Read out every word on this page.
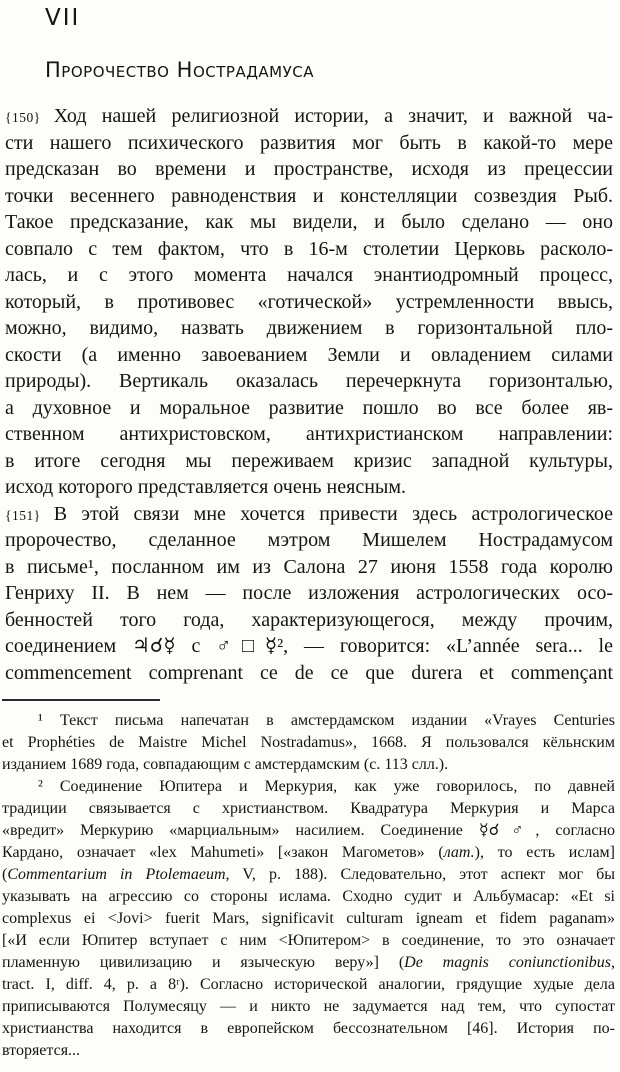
VII
Пророчество Нострадамуса
{150} Ход нашей религиозной истории, а значит, и важной ча-
сти нашего психического развития мог быть в какой-то мере
предсказан во времени и пространстве, исходя из прецессии
точки весеннего равноденствия и констелляции созвездия Рыб.
Такое предсказание, как мы видели, и было сделано — оно
совпало с тем фактом, что в 16-м столетии Церковь расколо-
лась, и с этого момента начался энантиодромный процесс,
который, в противовес «готической» устремленности ввысь,
можно, видимо, назвать движением в горизонтальной пло-
скости (а именно завоеванием Земли и овладением силами
природы). Вертикаль оказалась перечеркнута горизонталью,
а духовное и моральное развитие пошло во все более яв-
ственном антихристовском, антихристианском направлении:
в итоге сегодня мы переживаем кризис западной культуры,
исход которого представляется очень неясным.
{151} В этой связи мне хочется привести здесь астрологическое
пророчество, сделанное мэтром Мишелем Нострадамусом
в письме¹, посланном им из Салона 27 июня 1558 года королю
Генриху II. В нем — после изложения астрологических осо-
бенностей того года, характеризующегося, между прочим,
соединением ♃☌☿ с ♂□☿², — говорится: «L’année sera... le
commencement comprenant ce de ce que durera et commençant
¹ Текст письма напечатан в амстердамском издании «Vrayes Centuries
et Prophéties de Maistre Michel Nostradamus», 1668. Я пользовался кёльнским
изданием 1689 года, совпадающим с амстердамским (с. 113 слл.).
² Соединение Юпитера и Меркурия, как уже говорилось, по давней
традиции связывается с христианством. Квадратура Меркурия и Марса
«вредит» Меркурию «марциальным» насилием. Соединение ☿☌♂, согласно
Кардано, означает «lex Mahumeti» [«закон Магометов» (лат.), то есть ислам]
(Commentarium in Ptolemaeum, V, p. 188). Следовательно, этот аспект мог бы
указывать на агрессию со стороны ислама. Сходно судит и Альбумасар: «Et si
complexus ei <Jovi> fuerit Mars, significavit culturam igneam et fidem paganam»
[«И если Юпитер вступает с ним <Юпитером> в соединение, то это означает
пламенную цивилизацию и языческую веру»] (De magnis coniunctionibus,
tract. I, diff. 4, p. a 8ʳ). Согласно исторической аналогии, грядущие худые дела
приписываются Полумесяцу — и никто не задумается над тем, что супостат
христианства находится в европейском бессознательном [46]. История по-
вторяется...
